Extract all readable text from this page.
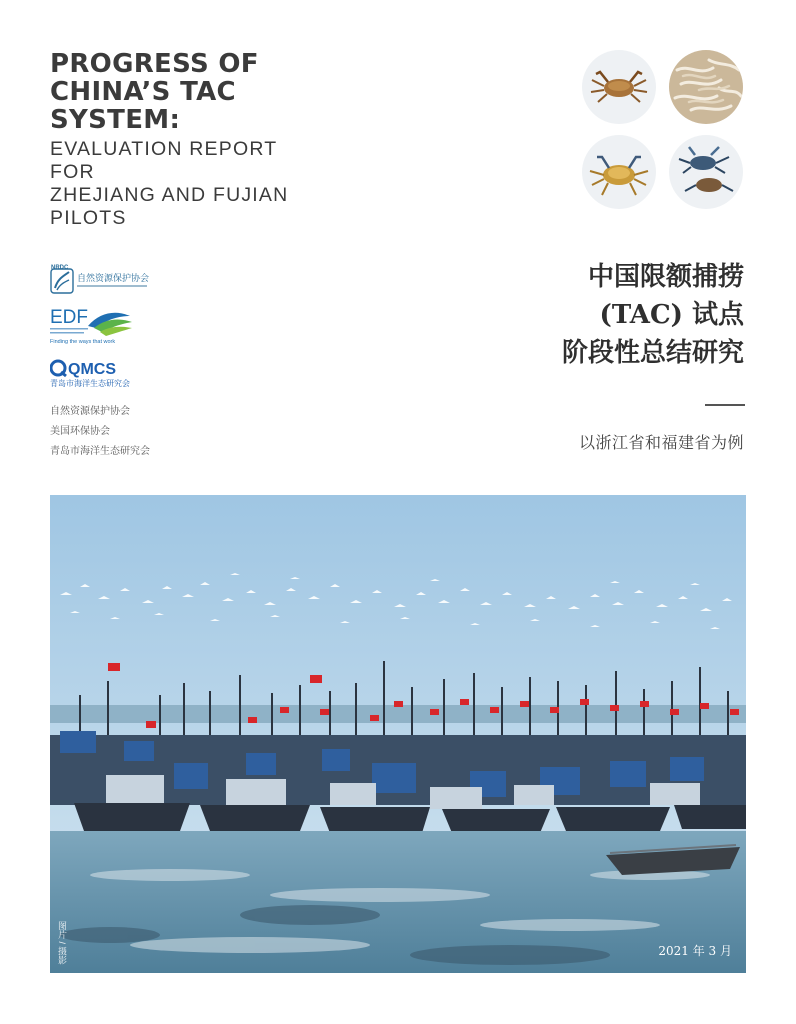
PROGRESS OF
CHINA’S TAC
SYSTEM:
EVALUATION REPORT
FOR
ZHEJIANG AND FUJIAN
PILOTS
NRDC
自然资源保护协会
EDF
Finding the ways that work
QMCS
青岛市海洋生态研究会
自然资源保护协会
美国环保协会
青岛市海洋生态研究会
中国限额捕捞
(TAC) 试点
阶段性总结研究
以浙江省和福建省为例
图片 / 摄影	2021 年 3 月
